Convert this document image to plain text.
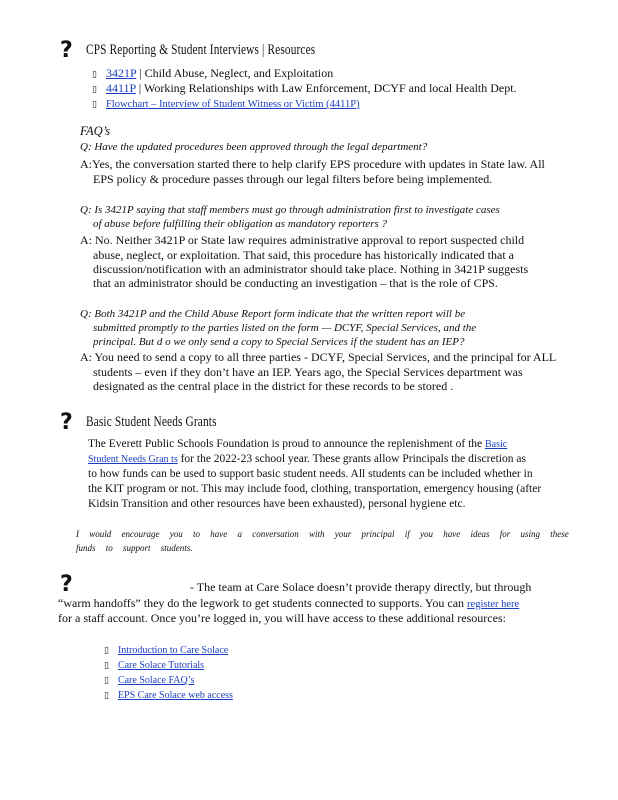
? CPS Reporting & Student Interviews | Resources
▯ 3421P | Child Abuse, Neglect, and Exploitation
▯ 4411P | Working Relationships with Law Enforcement, DCYF and local Health Dept.
▯ Flowchart – Interview of Student Witness or Victim (4411P)
FAQ’s
Q: Have the updated procedures been approved through the legal department?
A:Yes, the conversation started there to help clarify EPS procedure with updates in State law. All
EPS policy & procedure passes through our legal filters before being implemented.
Q: Is 3421P saying that staff members must go through administration first to investigate cases
of abuse before fulfilling their obligation as mandatory reporters ?
A: No. Neither 3421P or State law requires administrative approval to report suspected child
abuse, neglect, or exploitation. That said, this procedure has historically indicated that a
discussion/notification with an administrator should take place. Nothing in 3421P suggests
that an administrator should be conducting an investigation – that is the role of CPS.
Q: Both 3421P and the Child Abuse Report form indicate that the written report will be
submitted promptly to the parties listed on the form — DCYF, Special Services, and the
principal. But d o we only send a copy to Special Services if the student has an IEP?
A: You need to send a copy to all three parties - DCYF, Special Services, and the principal for ALL
students – even if they don’t have an IEP. Years ago, the Special Services department was
designated as the central place in the district for these records to be stored .
? Basic Student Needs Grants
The Everett Public Schools Foundation is proud to announce the replenishment of the Basic
Student Needs Gran ts for the 2022-23 school year. These grants allow Principals the discretion as
to how funds can be used to support basic student needs. All students can be included whether in
the KIT program or not. This may include food, clothing, transportation, emergency housing (after
Kidsin Transition and other resources have been exhausted), personal hygiene etc.
I would encourage you to have a conversation with your principal if you have ideas for using these
funds to support students.
?	- The team at Care Solace doesn’t provide therapy directly, but through
“warm handoffs” they do the legwork to get students connected to supports. You can register here
for a staff account. Once you’re logged in, you will have access to these additional resources:
▯ Introduction to Care Solace
▯ Care Solace Tutorials
▯ Care Solace FAQ’s
▯ EPS Care Solace web access
